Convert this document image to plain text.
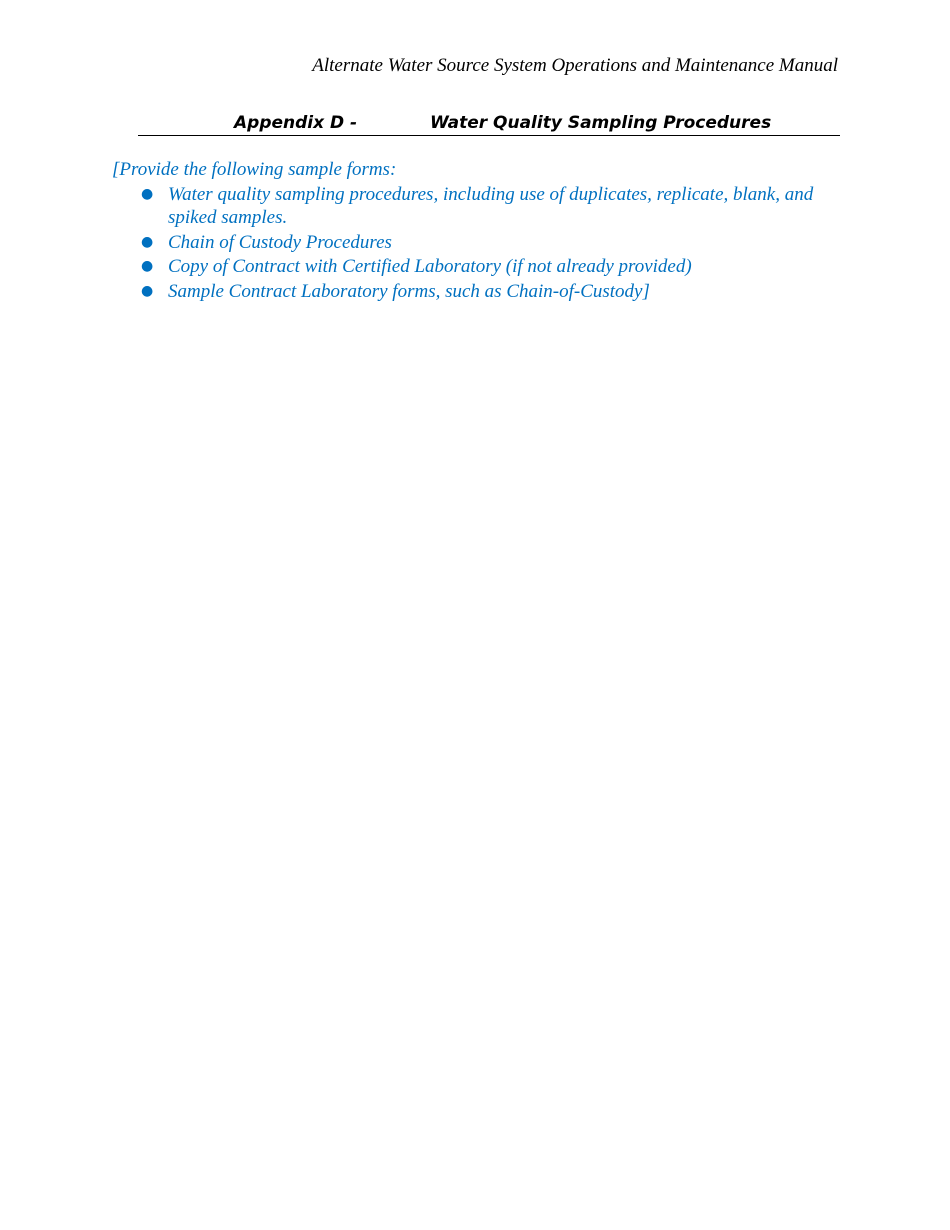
Alternate Water Source System Operations and Maintenance Manual
Appendix D -	Water Quality Sampling Procedures
[Provide the following sample forms:
● Water quality sampling procedures, including use of duplicates, replicate, blank, and spiked samples.
● Chain of Custody Procedures
● Copy of Contract with Certified Laboratory (if not already provided)
● Sample Contract Laboratory forms, such as Chain-of-Custody]
